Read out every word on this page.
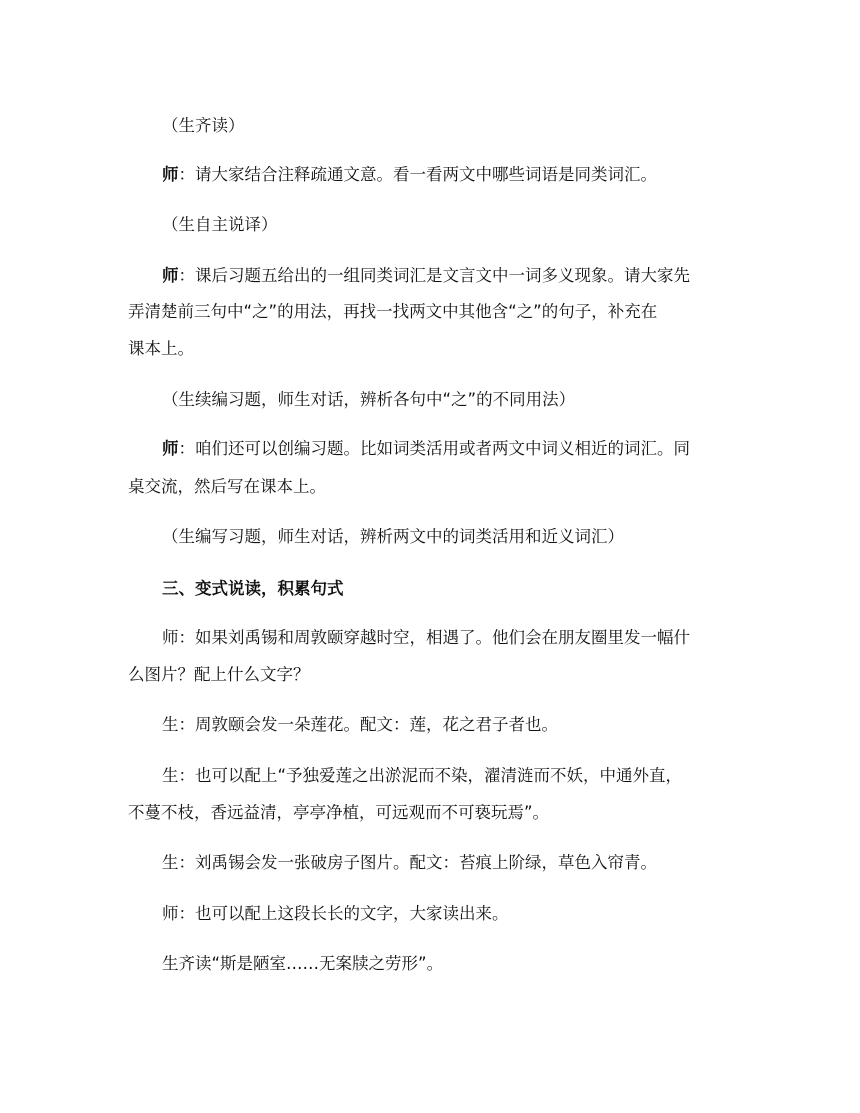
（生齐读）
师：请大家结合注释疏通文意。看一看两文中哪些词语是同类词汇。
（生自主说译）
师：课后习题五给出的一组同类词汇是文言文中一词多义现象。请大家先
弄清楚前三句中“之”的用法，再找一找两文中其他含“之”的句子，补充在
课本上。
（生续编习题，师生对话，辨析各句中“之”的不同用法）
师：咱们还可以创编习题。比如词类活用或者两文中词义相近的词汇。同
桌交流，然后写在课本上。
（生编写习题，师生对话，辨析两文中的词类活用和近义词汇）
三、变式说读，积累句式
师：如果刘禹锡和周敦颐穿越时空，相遇了。他们会在朋友圈里发一幅什
么图片？配上什么文字？
生：周敦颐会发一朵莲花。配文：莲，花之君子者也。
生：也可以配上“予独爱莲之出淤泥而不染，濯清涟而不妖，中通外直，
不蔓不枝，香远益清，亭亭净植，可远观而不可亵玩焉”。
生：刘禹锡会发一张破房子图片。配文：苔痕上阶绿，草色入帘青。
师：也可以配上这段长长的文字，大家读出来。
生齐读“斯是陋室……无案牍之劳形”。
